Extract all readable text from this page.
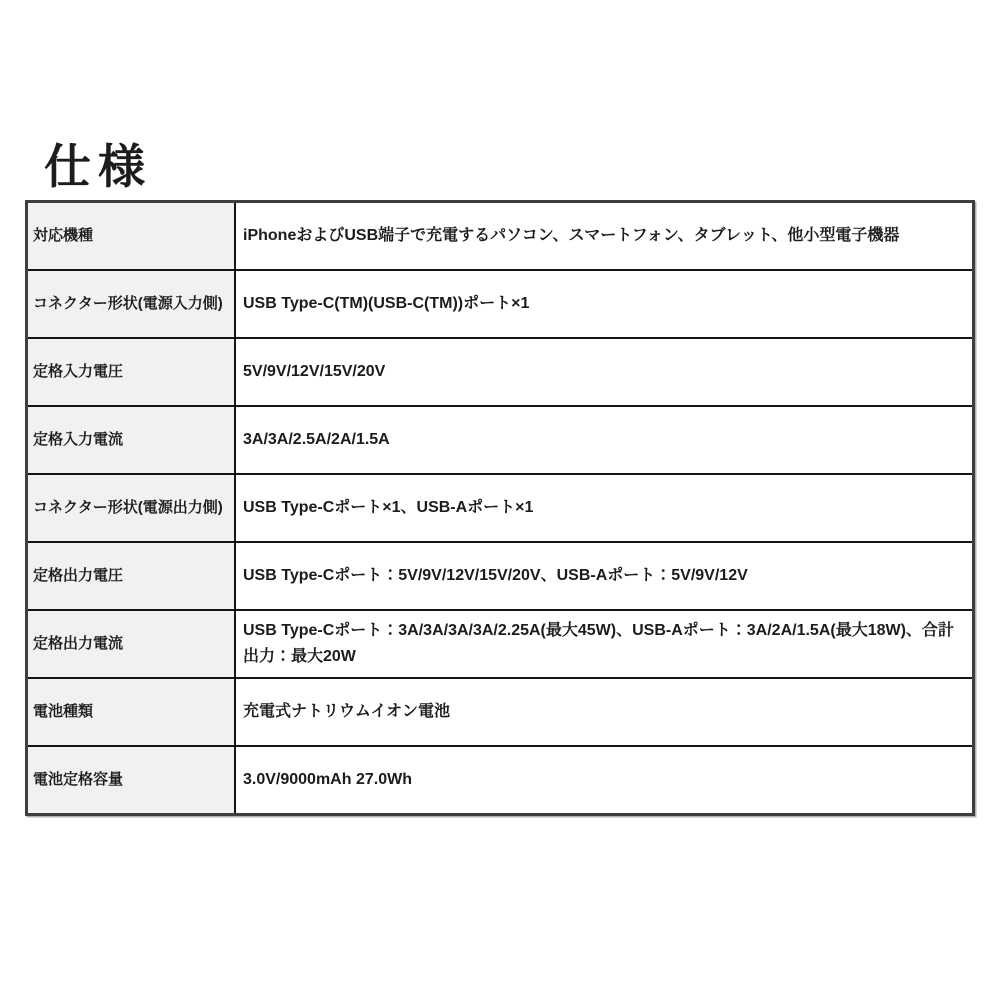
仕様
対応機種	iPhoneおよびUSB端子で充電するパソコン、スマートフォン、タブレット、他小型電子機器
コネクター形状(電源入力側)	USB Type-C(TM)(USB-C(TM))ポート×1
定格入力電圧	5V/9V/12V/15V/20V
定格入力電流	3A/3A/2.5A/2A/1.5A
コネクター形状(電源出力側)	USB Type-Cポート×1、USB-Aポート×1
定格出力電圧	USB Type-Cポート：5V/9V/12V/15V/20V、USB-Aポート：5V/9V/12V
定格出力電流	USB Type-Cポート：3A/3A/3A/3A/2.25A(最大45W)、USB-Aポート：3A/2A/1.5A(最大18W)、合計出力：最大20W
電池種類	充電式ナトリウムイオン電池
電池定格容量	3.0V/9000mAh 27.0Wh
